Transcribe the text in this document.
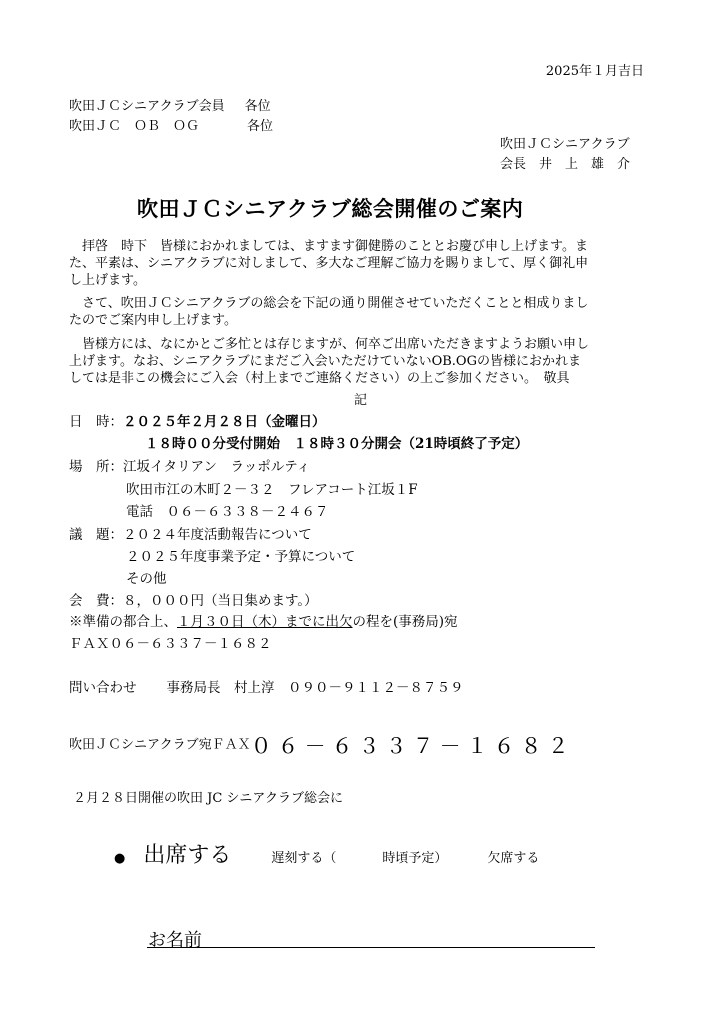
2025年１月吉日
吹田ＪＣシニアクラブ会員 各位
吹田ＪＣ　ＯＢ　ＯＧ	各位
吹田ＪＣシニアクラブ
会長　井　上　雄　介
吹田ＪＣシニアクラブ総会開催のご案内
　拝啓　時下　皆様におかれましては、ますます御健勝のこととお慶び申し上げます。ま
た、平素は、シニアクラブに対しまして、多大なご理解ご協力を賜りまして、厚く御礼申
し上げます。
　さて、吹田ＪＣシニアクラブの総会を下記の通り開催させていただくことと相成りまし
たのでご案内申し上げます。
　皆様方には、なにかとご多忙とは存じますが、何卒ご出席いただきますようお願い申し
上げます。なお、シニアクラブにまだご入会いただけていないOB.OGの皆様におかれま
しては是非この機会にご入会（村上までご連絡ください）の上ご参加ください。　敬具
記
日　時：２０２５年２月２８日（金曜日）
１８時００分受付開始　１８時３０分開会（21時頃終了予定）
場　所：江坂イタリアン　ラッポルティ
吹田市江の木町２－３２　フレアコート江坂１F
電話　０６－６３３８－２４６７
議　題：２０２４年度活動報告について
２０２５年度事業予定・予算について
その他
会　費：８，０００円（当日集めます。）
※準備の都合上、１月３０日（木）までに出欠の程を(事務局)宛
ＦＡＸ０６－６３３７－１６８２
問い合わせ 事務局長　村上淳　０９０－９１１２－８７５９
吹田ＪＣシニアクラブ宛ＦＡＸ０６－６３３７－１６８２
２月２８日開催の吹田 JC シニアクラブ総会に
● 出席する	遅刻する（	時頃予定）	欠席する
お名前
